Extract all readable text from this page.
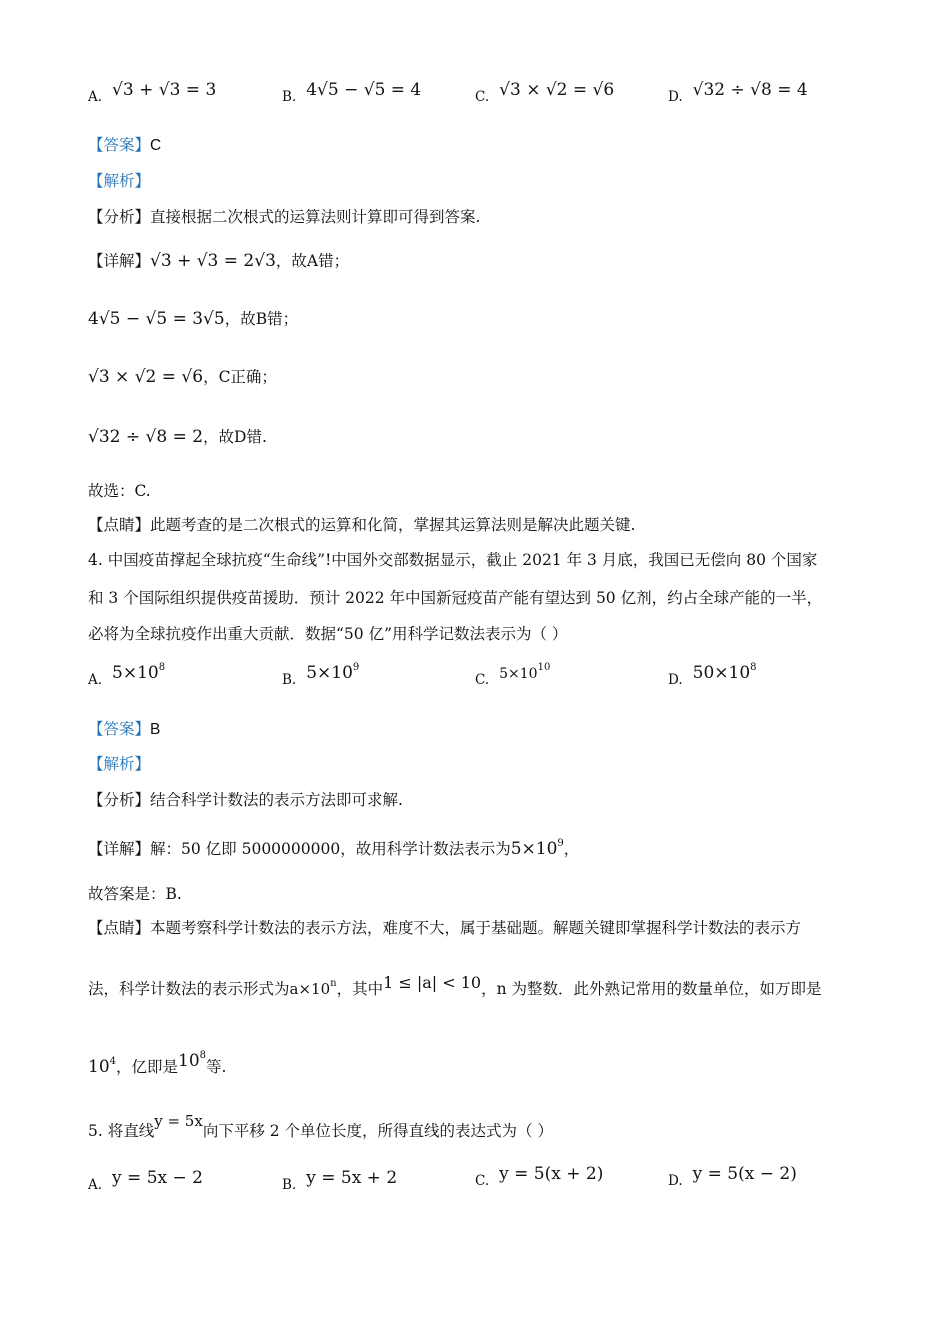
A. √3 + √3 = 3	B. 4√5 − √5 = 4	C. √3 × √2 = √6	D. √32 ÷ √8 = 4
【答案】C
【解析】
【分析】直接根据二次根式的运算法则计算即可得到答案.
【详解】√3 + √3 = 2√3，故A错；
4√5 − √5 = 3√5，故B错；
√3 × √2 = √6，C正确；
√32 ÷ √8 = 2，故D错.
故选：C.
【点睛】此题考查的是二次根式的运算和化简，掌握其运算法则是解决此题关键.
4. 中国疫苗撑起全球抗疫“生命线”!中国外交部数据显示，截止 2021 年 3 月底，我国已无偿向 80 个国家
和 3 个国际组织提供疫苗援助．预计 2022 年中国新冠疫苗产能有望达到 50 亿剂，约占全球产能的一半，
必将为全球抗疫作出重大贡献．数据“50 亿”用科学记数法表示为（ ）
A. $5\times 10^8$
B. $5\times 10^9$
C. $5\times 10^{10}$
D. $50\times 10^8$
【答案】B
【解析】
【分析】结合科学计数法的表示方法即可求解.
【详解】解：50 亿即 5000000000，故用科学计数法表示为$5\times 10^9$，
故答案是：B.
【点睛】本题考察科学计数法的表示方法，难度不大，属于基础题。解题关键即掌握科学计数法的表示方
法，科学计数法的表示形式为$a\times 10^n$，其中1 ≤ |a| < 10，n 为整数．此外熟记常用的数量单位，如万即是
$10^4$，亿即是$10^8$等.
5. 将直线y = 5x向下平移 2 个单位长度，所得直线的表达式为（ ）
A. y = 5x − 2	B. y = 5x + 2	C. y = 5(x + 2)	D. y = 5(x − 2)
